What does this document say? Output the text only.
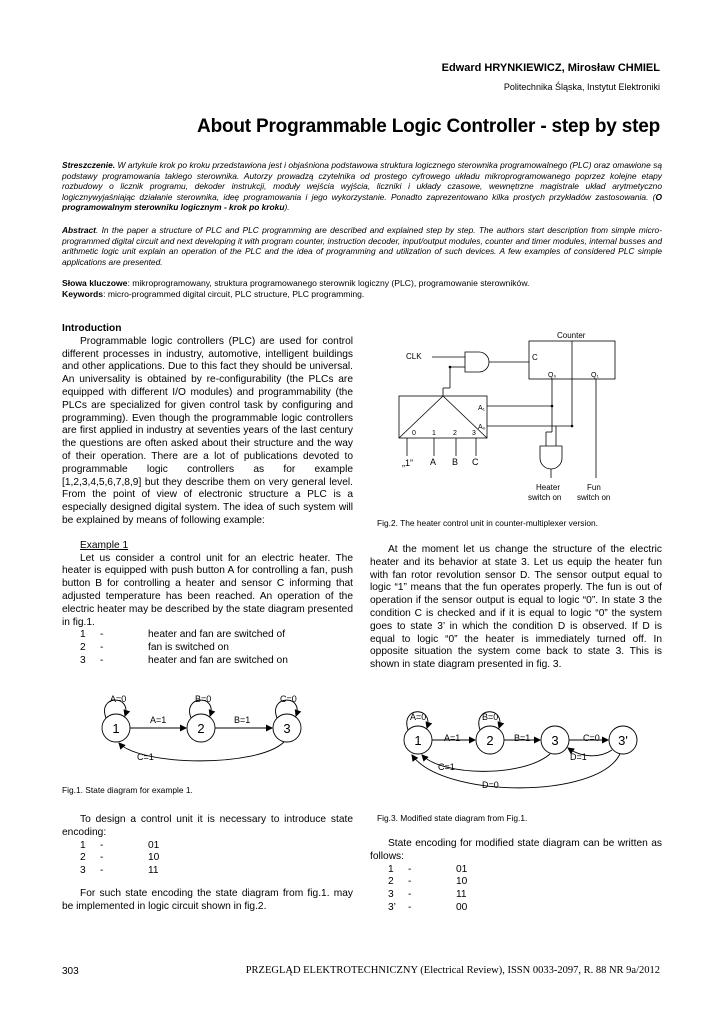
Edward HRYNKIEWICZ, Mirosław CHMIEL
Politechnika Śląska, Instytut Elektroniki
About Programmable Logic Controller - step by step
Streszczenie. W artykule krok po kroku przedstawiona jest i objaśniona podstawowa struktura logicznego sterownika programowalnego (PLC) oraz omawione są podstawy programowania takiego sterownika. Autorzy prowadzą czytelnika od prostego cyfrowego układu mikroprogramowanego poprzez kolejne etapy rozbudowy o licznik programu, dekoder instrukcji, moduły wejścia wyjścia, liczniki i układy czasowe, wewnętrzne magistrale układ arytmetyczno logicznywyjaśniając działanie sterownika, ideę programowania i jego wykorzystanie. Ponadto zaprezentowano kilka prostych przykładów zastosowania. (O programowalnym sterowniku logicznym - krok po kroku).
Abstract. In the paper a structure of PLC and PLC programming are described and explained step by step. The authors start description from simple micro-programmed digital circuit and next developing it with program counter, instruction decoder, input/output modules, counter and timer modules, internal busses and arithmetic logic unit explain an operation of the PLC and the idea of programming and utilization of such devices. A few examples of considered PLC simple applications are presented.
Słowa kluczowe: mikroprogramowany, struktura programowanego sterownik logiczny (PLC), programowanie sterowników.
Keywords: micro-programmed digital circuit, PLC structure, PLC programming.

Introduction

Programmable logic controllers (PLC) are used for control different processes in industry, automotive, intelligent buildings and other applications. Due to this fact they should be universal. An universality is obtained by re-configurability (the PLCs are equipped with different I/O modules) and programmability (the PLCs are specialized for given control task by configuring and programming). Even though the programmable logic controllers are first applied in industry at seventies years of the last century the questions are often asked about their structure and the way of their operation. There are a lot of publications devoted to programmable logic controllers as for example [1,2,3,4,5,6,7,8,9] but they describe them on very general level. From the point of view of electronic structure a PLC is a especially designed digital system. The idea of such system will be explained by means of following example:

Example 1

Let us consider a control unit for an electric heater. The heater is equipped with push button A for controlling a fan, push button B for controlling a heater and sensor C informing that adjusted temperature has been reached. An operation of the electric heater may be described by the state diagram presented in fig.1.

1	-	heater and fan are switched of
2	-	fan is switched on
3	-	heater and fan are switched on
A=0	B=0	C=0
A=1	B=1
C=1
1	2	3
Fig.1. State diagram for example 1.

To design a control unit it is necessary to introduce state encoding:

1	-	01
2	-	10
3	-	11

For such state encoding the state diagram from fig.1. may be implemented in logic circuit shown in fig.2.

Counter
CLK	C
Q₀	Q₁
A₁
A₀
0 1 2 3
„1” A B C
Heater
switch on
Fun
switch on
Fig.2. The heater control unit in counter-multiplexer version.

At the moment let us change the structure of the electric heater and its behavior at state 3. Let us equip the heater fun with fan rotor revolution sensor D. The sensor output equal to logic “1” means that the fun operates properly. The fun is out of operation if the sensor output is equal to logic “0”. In state 3 the condition C is checked and if it is equal to logic “0” the system goes to state 3’ in which the condition D is observed. If D is equal to logic “0” the heater is immediately turned off. In opposite situation the system come back to state 3. This is shown in state diagram presented in fig. 3.

A=0	B=0
A=1	B=1	C=0
D=1
C=1
D=0
1	2	3	3'
Fig.3. Modified state diagram from Fig.1.

State encoding for modified state diagram can be written as follows:

1	-	01
2	-	10
3	-	11
3’	-	00
303	PRZEGLĄD ELEKTROTECHNICZNY (Electrical Review), ISSN 0033-2097, R. 88 NR 9a/2012
